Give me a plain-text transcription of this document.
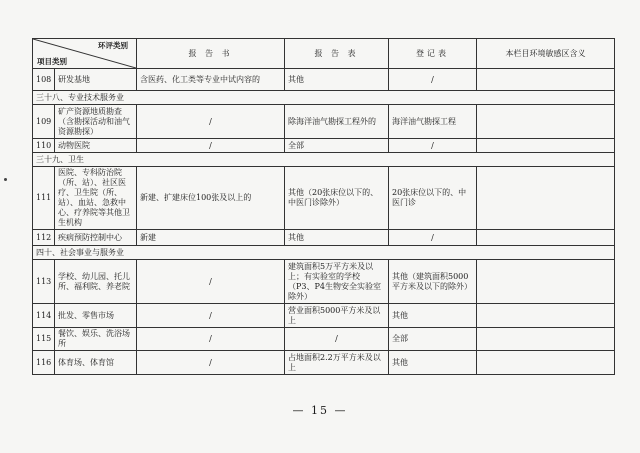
环评类别
项目类别		报 告 书	报 告 表	登记表	本栏目环境敏感区含义
108	研发基地	含医药、化工类等专业中试内容的	其他	/	
三十八、专业技术服务业					
109	矿产资源地质勘查（含勘探活动和油气资源勘探）	/	除海洋油气勘探工程外的	海洋油气勘探工程	
110	动物医院	/	全部	/	
三十九、卫生					
111	医院、专科防治院（所、站）、社区医疗、卫生院（所、站）、血站、急救中心、疗养院等其他卫生机构	新建、扩建床位100张及以上的	其他（20张床位以下的、中医门诊除外）	20张床位以下的、中医门诊	
112	疾病预防控制中心	新建	其他	/	
四十、社会事业与服务业					
113	学校、幼儿园、托儿所、福利院、养老院	/	建筑面积5万平方米及以上；有实验室的学校（P3、P4生物安全实验室除外）	其他（建筑面积5000平方米及以下的除外）	
114	批发、零售市场	/	营业面积5000平方米及以上	其他	
115	餐饮、娱乐、洗浴场所	/	/	全部	
116	体育场、体育馆	/	占地面积2.2万平方米及以上	其他	
— 15 —
